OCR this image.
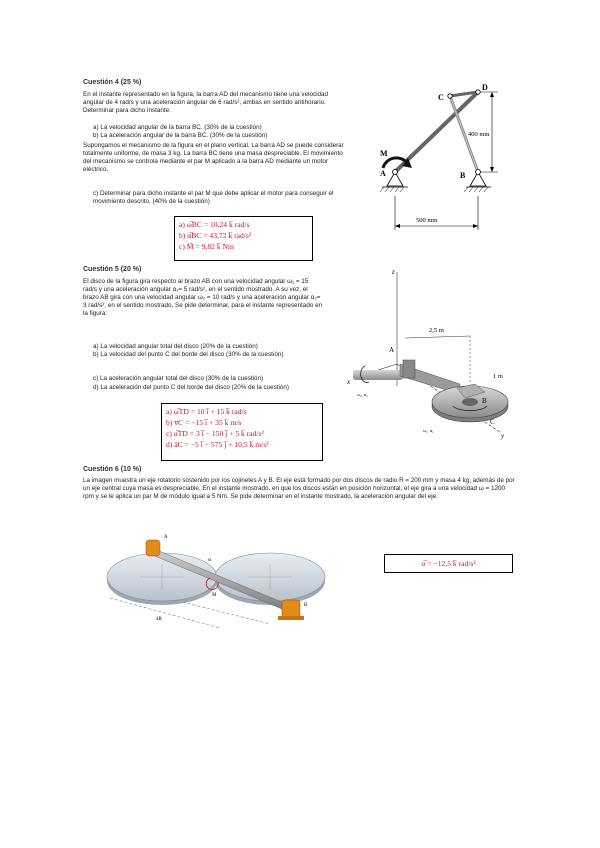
Cuestión 4 (25 %)
En el instante representado en la figura, la barra AD del mecanismo tiene una velocidad angular de 4 rad/s y una aceleración angular de 6 rad/s², ambas en sentido antihorario. Determinar para dicho instante:
a) La velocidad angular de la barra BC. (30% de la cuestión)
b) La aceleración angular de la barra BC. (30% de la cuestión)
Supongamos el mecanismo de la figura en el plano vertical. La barra AD se puede considerar totalmente uniforme, de masa 3 kg. La barra BC tiene una masa despreciable. El movimiento del mecanismo se controla mediante el par M aplicado a la barra AD mediante un motor eléctrico.
c) Determinar para dicho instante el par M que debe aplicar el motor para conseguir el movimiento descrito. (40% de la cuestión)
a) ω̅BC = 10,24 k̅ rad/s
b) α̅BC = 43,72 k̅ rad/s²
c) M̅ = 9,82 k̅ Nm
C
D
M
A	B
400 mm
500 mm
Cuestión 5 (20 %)
El disco de la figura gira respecto al brazo AB con una velocidad angular ω₁ = 15 rad/s y una aceleración angular α₁= 5 rad/s², en el sentido mostrado. A su vez, el brazo AB gira con una velocidad angular ω₂ = 10 rad/s y una aceleración angular α₂= 3 rad/s², en el sentido mostrado. Se pide determinar, para el instante representado en la figura:
a) La velocidad angular total del disco (20% de la cuestión)
b) La velocidad del punto C del borde del disco (30% de la cuestión)
c) La aceleración angular total del disco (30% de la cuestión)
d) La aceleración del punto C del borde del disco (20% de la cuestión)
a) ω̅TD = 10 i̅ + 15 k̅ rad/s
b) v̅C = −15 i̅ + 35 k̅ m/s
c) α̅TD = 3 i̅ − 150 j̅ + 5 k̅ rad/s²
d) a̅C = −5 i̅ − 575 j̅ + 10,5 k̅ m/s²
z
2,5 m
A
1 m
x
B
C
y
ω₂, α₂
ω₁, α₁
Cuestión 6 (10 %)
La imagen muestra un eje rotatorio sostenido por los cojinetes A y B. El eje está formado por dos discos de radio R = 200 mm y masa 4 kg, además de por un eje central cuya masa es despreciable. En el instante mostrado, en que los discos están en posición horizontal, el eje gira a una velocidad ω = 1200 rpm y se le aplica un par M de módulo igual a 5 Nm. Se pide determinar en el instante mostrado, la aceleración angular del eje.
α̅ = −12,5 k̅ rad/s²
A
B
ω
M
4R
